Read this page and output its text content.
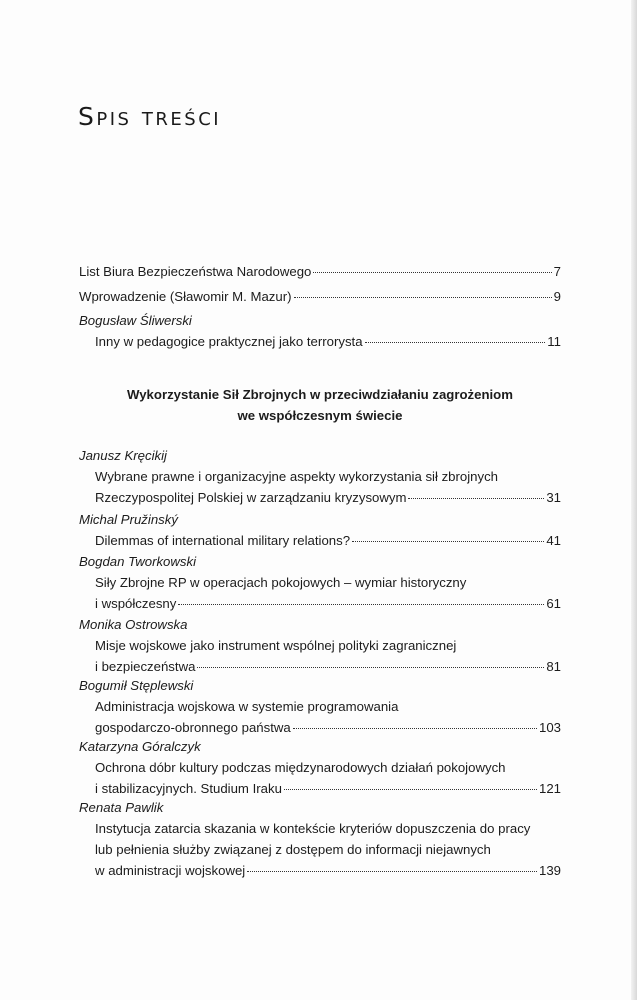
Spis treści
List Biura Bezpieczeństwa Narodowego	7
Wprowadzenie (Sławomir M. Mazur)	9
Bogusław Śliwerski
Inny w pedagogice praktycznej jako terrorysta	11
Wykorzystanie Sił Zbrojnych w przeciwdziałaniu zagrożeniom
we współczesnym świecie
Janusz Kręcikij
Wybrane prawne i organizacyjne aspekty wykorzystania sił zbrojnych
Rzeczypospolitej Polskiej w zarządzaniu kryzysowym	31
Michal Pružinský
Dilemmas of international military relations?	41
Bogdan Tworkowski
Siły Zbrojne RP w operacjach pokojowych – wymiar historyczny
i współczesny	61
Monika Ostrowska
Misje wojskowe jako instrument wspólnej polityki zagranicznej
i bezpieczeństwa	81
Bogumił Stęplewski
Administracja wojskowa w systemie programowania
gospodarczo-obronnego państwa	103
Katarzyna Góralczyk
Ochrona dóbr kultury podczas międzynarodowych działań pokojowych
i stabilizacyjnych. Studium Iraku	121
Renata Pawlik
Instytucja zatarcia skazania w kontekście kryteriów dopuszczenia do pracy
lub pełnienia służby związanej z dostępem do informacji niejawnych
w administracji wojskowej	139
